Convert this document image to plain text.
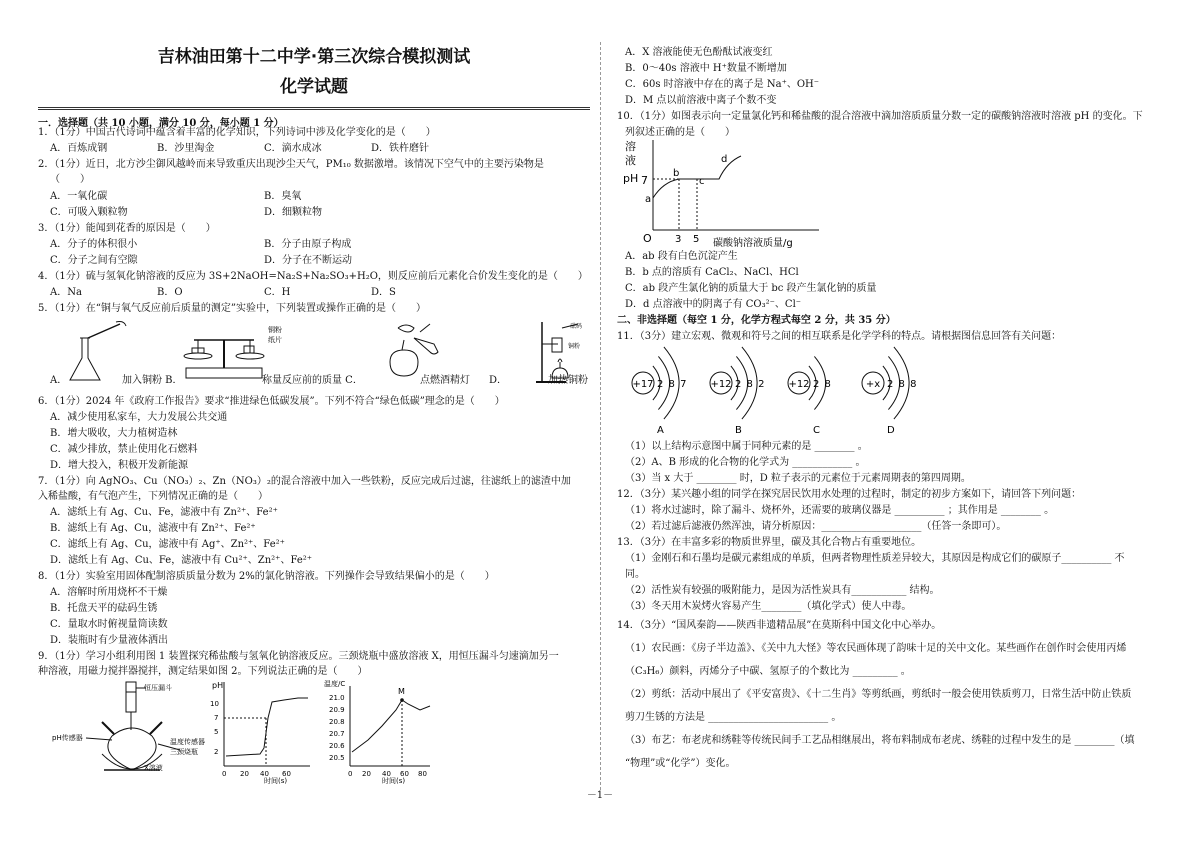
吉林油田第十二中学·第三次综合模拟测试
化学试题
一．选择题（共 10 小题，满分 10 分，每小题 1 分）
1．（1分）中国古代诗词中蕴含着丰富的化学知识，下列诗词中涉及化学变化的是（　　）
A．百炼成钢	B．沙里淘金	C．滴水成冰	D．铁杵磨针
2．（1分）近日，北方沙尘御风越岭而来导致重庆出现沙尘天气，PM₁₀ 数据激增。该情况下空气中的主要污染物是
（　　）
A．一氧化碳	B．臭氧
C．可吸入颗粒物	D．细颗粒物
3．（1分）能闻到花香的原因是（　　）
A．分子的体积很小	B．分子由原子构成
C．分子之间有空隙	D．分子在不断运动
4．（1分）硫与氢氧化钠溶液的反应为 3S+2NaOH=Na₂S+Na₂SO₃+H₂O，则反应前后元素化合价发生变化的是（　　）
A．Na	B．O	C．H	D．S
5．（1分）在“铜与氧气反应前后质量的测定”实验中，下列装置或操作正确的是（　　）
A．	加入铜粉 B．	称量反应前的质量 C．	点燃酒精灯 D．	加热铜粉
6．（1分）2024 年《政府工作报告》要求“推进绿色低碳发展”。下列不符合“绿色低碳”理念的是（　　）
A．减少使用私家车，大力发展公共交通
B．增大吸收，大力植树造林
C．减少排放，禁止使用化石燃料
D．增大投入，积极开发新能源
7．（1分）向 AgNO₃、Cu（NO₃）₂、Zn（NO₃）₂的混合溶液中加入一些铁粉，反应完成后过滤，往滤纸上的滤渣中加
入稀盐酸，有气泡产生，下列情况正确的是（　　）
A．滤纸上有 Ag、Cu、Fe，滤液中有 Zn²⁺、Fe²⁺
B．滤纸上有 Ag、Cu，滤液中有 Zn²⁺、Fe²⁺
C．滤纸上有 Ag、Cu，滤液中有 Ag⁺、Zn²⁺、Fe²⁺
D．滤纸上有 Ag、Cu、Fe，滤液中有 Cu²⁺、Zn²⁺、Fe²⁺
8．（1分）实验室用固体配制溶质质量分数为 2%的氯化钠溶液。下列操作会导致结果偏小的是（　　）
A．溶解时所用烧杯不干燥
B．托盘天平的砝码生锈
C．量取水时俯视量筒读数
D．装瓶时有少量液体洒出
9．（1分）学习小组利用图 1 装置探究稀盐酸与氢氧化钠溶液反应。三颈烧瓶中盛放溶液 X，用恒压漏斗匀速滴加另一
种溶液，用磁力搅拌器搅拌，测定结果如图 2。下列说法正确的是（　　）
铜粉
纸片
砝码
铜粉
恒压漏斗
pH传感器	温度传感器
三颈烧瓶
X溶液
pH
10
7
5
2
0 20 40 60
时间(s)
温度/C
21.0
20.9
20.8
20.7
20.6
20.5
M
0 20 40 60 80
时间(s)
A．X 溶液能使无色酚酞试液变红
B．0～40s 溶液中 H⁺数量不断增加
C．60s 时溶液中存在的离子是 Na⁺、OH⁻
D．M 点以前溶液中离子个数不变
10．（1分）如图表示向一定量氯化钙和稀盐酸的混合溶液中滴加溶质质量分数一定的碳酸钠溶液时溶液 pH 的变化。下
列叙述正确的是（　　）
A．ab 段有白色沉淀产生
B．b 点的溶质有 CaCl₂、NaCl、HCl
C．ab 段产生氯化钠的质量大于 bc 段产生氯化钠的质量
D．d 点溶液中的阴离子有 CO₃²⁻、Cl⁻
二、非选择题（每空 1 分，化学方程式每空 2 分，共 35 分）
11．（3分）建立宏观、微观和符号之间的相互联系是化学学科的特点。请根据图信息回答有关问题：
（1）以上结构示意图中属于同种元素的是 ________ 。
（2）A、B 形成的化合物的化学式为 ____________ 。
（3）当 x 大于 ________ 时，D 粒子表示的元素位于元素周期表的第四周期。
12．（3分）某兴趣小组的同学在探究居民饮用水处理的过程时，制定的初步方案如下，请回答下列问题：
（1）将水过滤时，除了漏斗、烧杯外，还需要的玻璃仪器是 __________ ；其作用是 ________ 。
（2）若过滤后滤液仍然浑浊，请分析原因：____________________（任答一条即可）。
13．（3分）在丰富多彩的物质世界里，碳及其化合物占有重要地位。
（1）金刚石和石墨均是碳元素组成的单质，但两者物理性质差异较大，其原因是构成它们的碳原子__________ 不
同。
（2）活性炭有较强的吸附能力，是因为活性炭具有___________ 结构。
（3）冬天用木炭烤火容易产生________（填化学式）使人中毒。
14．（3分）“国风秦韵——陕西非遗精品展”在莫斯科中国文化中心举办。
（1）农民画：《房子半边盖》、《关中九大怪》等农民画体现了韵味十足的关中文化。某些画作在创作时会使用丙烯
（C₃H₆）颜料，丙烯分子中碳、氢原子的个数比为 _________ 。
（2）剪纸：活动中展出了《平安富贵》、《十二生肖》等剪纸画，剪纸时一般会使用铁质剪刀，日常生活中防止铁质
剪刀生锈的方法是 ________________________ 。
（3）布艺：布老虎和绣鞋等传统民间手工艺品相继展出，将布料制成布老虎、绣鞋的过程中发生的是 ________（填
“物理”或“化学”）变化。
溶
液
pH 7
a
b
c
d
O 3 5 碳酸钠溶液质量/g
+17 2 8 7
A
+12 2 8 2
B
+12 2 8
C
+x 2 8 8
D
－1－
